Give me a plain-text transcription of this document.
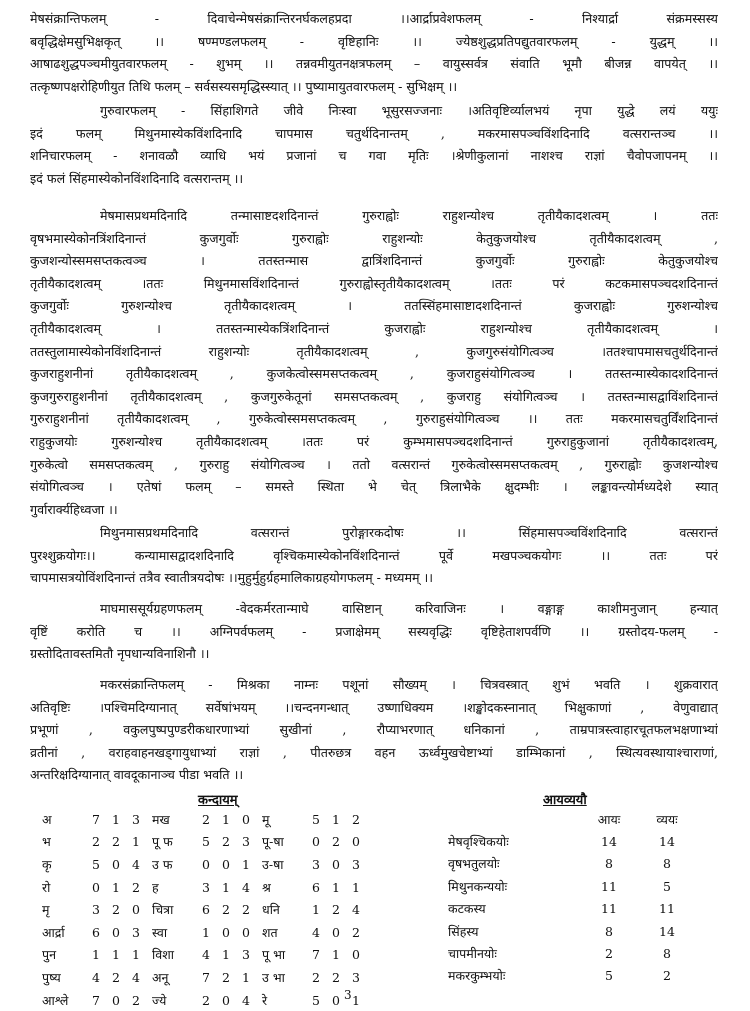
मेषसंक्रान्तिफलम् - दिवाचेन्मेषसंक्रान्तिरनर्घकलहप्रदा ।।आर्द्राप्रवेशफलम् - निश्यार्द्रा संक्रमस्सस्य
बवृद्धिक्षेमसुभिक्षकृत् ।। षण्मण्डलफलम् - वृष्टिहानिः ।। ज्येष्ठशुद्धप्रतिपद्युतवारफलम् - युद्धम् ।।
आषाढशुद्धपञ्चमीयुतवारफलम् - शुभम् ।। तन्नवमीयुतनक्षत्रफलम् – वायुस्सर्वत्र संवाति भूमौ बीजन्न वापयेत् ।।
तत्कृष्णपक्षरोहिणीयुत तिथि फलम् – सर्वसस्यसमृद्धिस्स्यात् ।। पुष्यामायुतवारफलम् - सुभिक्षम् ।।
गुरुवारफलम् - सिंहाशिगते जीवे निःस्वा भूसुरसज्जनाः ।अतिवृष्टिर्व्यालभयं नृपा युद्धे लयं ययुः
इदं फलम् मिथुनमास्येकविंशदिनादि चापमास चतुर्थदिनान्तम् , मकरमासपञ्चविंशदिनादि वत्सरान्तञ्च ।।
शनिचारफलम् - शनावळौ व्याधि भयं प्रजानां च गवा मृतिः ।श्रेणीकुलानां नाशश्च राज्ञां चैवोपजापनम् ।।
इदं फलं सिंहमास्येकोनविंशदिनादि वत्सरान्तम् ।।
मेषमासप्रथमदिनादि तन्मासाष्टदशदिनान्तं गुरुराह्वोः राहुशन्योश्च तृतीयैकादशत्वम् । ततः
वृषभमास्येकोनत्रिंशदिनान्तं कुजगुर्वोः गुरुराह्वोः राहुशन्योः केतुकुजयोश्च तृतीयैकादशत्वम् ,
कुजशन्योस्समसप्तकत्वञ्च । ततस्तन्मास द्वात्रिंशदिनान्तं कुजगुर्वोः गुरुराह्वोः केतुकुजयोश्च
तृतीयैकादशत्वम् ।ततः मिथुनमासविंशदिनान्तं गुरुराह्वोस्तृतीयैकादशत्वम् ।ततः परं कटकमासपञ्चदशदिनान्तं
कुजगुर्वोः गुरुशन्योश्च तृतीयैकादशत्वम् । ततस्सिंहमासाष्टादशदिनान्तं कुजराह्वोः गुरुशन्योश्च
तृतीयैकादशत्वम् । ततस्तन्मास्येकत्रिंशदिनान्तं कुजराह्वोः राहुशन्योश्च तृतीयैकादशत्वम् ।
ततस्तुलामास्येकोनविंशदिनान्तं राहुशन्योः तृतीयैकादशत्वम् , कुजगुरुसंयोगित्वञ्च ।ततश्चापमासचतुर्थदिनान्तं
कुजराहुशनीनां तृतीयैकादशत्वम् , कुजकेत्वोस्समसप्तकत्वम् , कुजराहुसंयोगित्वञ्च । ततस्तन्मास्येकादशदिनान्तं
कुजगुरुराहुशनीनां तृतीयैकादशत्वम् , कुजगुरुकेतूनां समसप्तकत्वम् , कुजराहु संयोगित्वञ्च । ततस्तन्मासद्वाविंशदिनान्तं
गुरुराहुशनीनां तृतीयैकादशत्वम् , गुरुकेत्वोस्समसप्तकत्वम् , गुरुराहुसंयोगित्वञ्च ।। ततः मकरमासचतुर्विंशदिनान्तं
राहुकुजयोः गुरुशन्योश्च तृतीयैकादशत्वम् ।ततः परं कुम्भमासपञ्चदशदिनान्तं गुरुराहुकुजानां तृतीयैकादशत्वम्,
गुरुकेत्वो समसप्तकत्वम् , गुरुराहु संयोगित्वञ्च । ततो वत्सरान्तं गुरुकेत्वोस्समसप्तकत्वम् , गुरुराह्वोः कुजशन्योश्च
संयोगित्वञ्च । एतेषां फलम् – समस्ते स्थिता भे चेत् त्रिलाभैके क्षुदम्भीः । लङ्कावन्त्योर्मध्यदेशे स्यात्
गुर्वारार्क्यहिध्वजा ।।
मिथुनमासप्रथमदिनादि वत्सरान्तं पुरोङ्गारकदोषः ।। सिंहमासपञ्चविंशदिनादि वत्सरान्तं
पुरश्शुक्रयोगः।। कन्यामासद्वादशदिनादि वृश्चिकमास्येकोनविंशदिनान्तं पूर्वे मखपञ्चकयोगः ।। ततः परं
चापमासत्रयोविंशदिनान्तं तत्रैव स्वातीत्रयदोषः ।।मुहुर्मुहुर्ग्रहमालिकाग्रहयोगफलम् - मध्यमम् ।।
माघमाससूर्यग्रहणफलम् -वेदकर्मरतान्माघे वासिष्टान् करिवाजिनः । वङ्गाङ्ग काशीमनुजान् हन्यात्
वृष्टिं करोति च ।। अग्निपर्वफलम् - प्रजाक्षेमम् सस्यवृद्धिः वृष्टिहेताशपर्वणि ।। ग्रस्तोदय-फलम् -
ग्रस्तोदितावस्तमितौ नृपधान्यविनाशिनौ ।।
मकरसंक्रान्तिफलम् - मिश्रका नाम्नः पशूनां सौख्यम् । चित्रवस्त्रात् शुभं भवति । शुक्रवारात्
अतिवृष्टिः ।पश्चिमदिग्यानात् सर्वेषांभयम् ।।चन्दनगन्धात् उष्णाधिक्यम ।शङ्खोदकस्नानात् भिक्षुकाणां , वेणुवाद्यात्
प्रभूणां , वकुलपुष्पपुण्डरीकधारणाभ्यां सुखीनां , रौप्याभरणात् धनिकानां , ताम्रपात्रस्त्वाहारचूतफलभक्षणाभ्यां
व्रतीनां , वराहवाहनखड्गायुधाभ्यां राज्ञां , पीतरुछत्र वहन ऊर्ध्वमुखचेष्टाभ्यां डाम्भिकानां , स्थित्यवस्थायाश्चाराणां,
अन्तरिक्षदिग्यानात् वावदूकानाञ्च पीडा भवति ।।
कन्दायम्
अ	7	1	3	मख	2	1	0	मू	5	1	2
भ	2	2	1	पू फ	5	2	3	पू-षा	0	2	0
कृ	5	0	4	उ फ	0	0	1	उ-षा	3	0	3
रो	0	1	2	ह	3	1	4	श्र	6	1	1
मृ	3	2	0	चित्रा	6	2	2	धनि	1	2	4
आर्द्रा	6	0	3	स्वा	1	0	0	शत	4	0	2
पुन	1	1	1	विशा	4	1	3	पू भा	7	1	0
पुष्य	4	2	4	अनू	7	2	1	उ भा	2	2	3
आश्ले	7	0	2	ज्ये	2	0	4	रे	5	0	1
आयव्ययौ
	आयः	व्ययः
मेषवृश्चिकयोः	14	14
वृषभतुलयोः	8	8
मिथुनकन्ययोः	11	5
कटकस्य	11	11
सिंहस्य	8	14
चापमीनयोः	2	8
मकरकुम्भयोः	5	2
3
